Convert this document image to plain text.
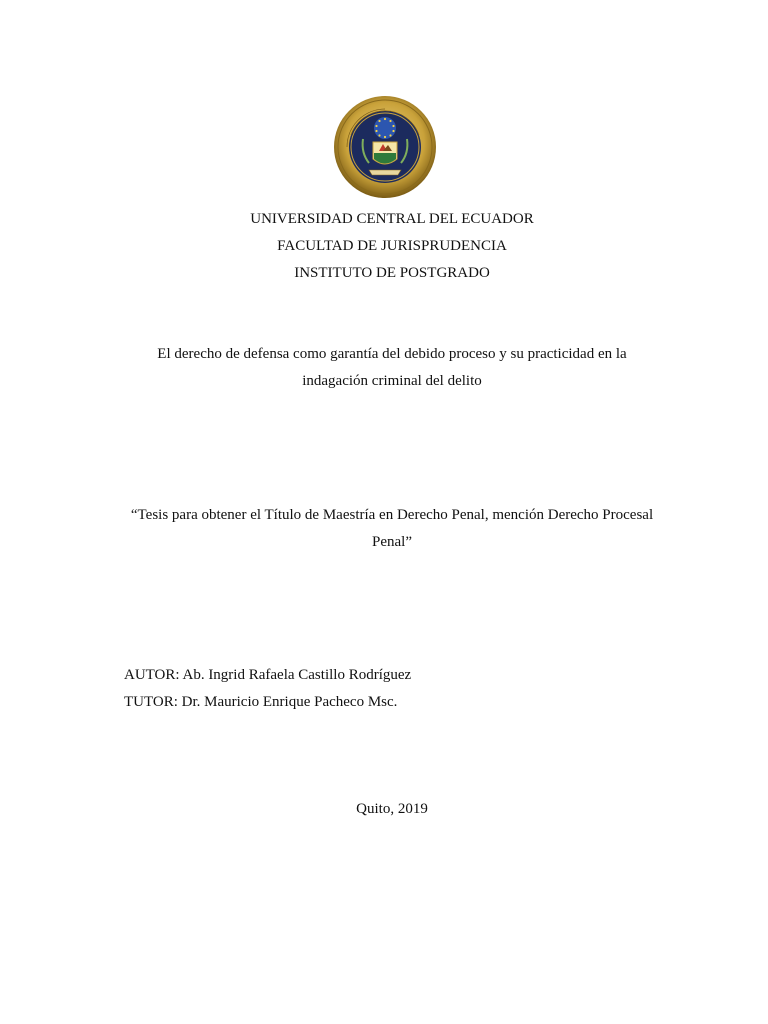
UNIVERSIDAD CENTRAL DEL ECUADOR
FACULTAD DE JURISPRUDENCIA
INSTITUTO DE POSTGRADO
El derecho de defensa como garantía del debido proceso y su practicidad en la
indagación criminal del delito
“Tesis para obtener el Título de Maestría en Derecho Penal, mención Derecho Procesal
Penal”
AUTOR: Ab. Ingrid Rafaela Castillo Rodríguez
TUTOR: Dr. Mauricio Enrique Pacheco Msc.
Quito, 2019
